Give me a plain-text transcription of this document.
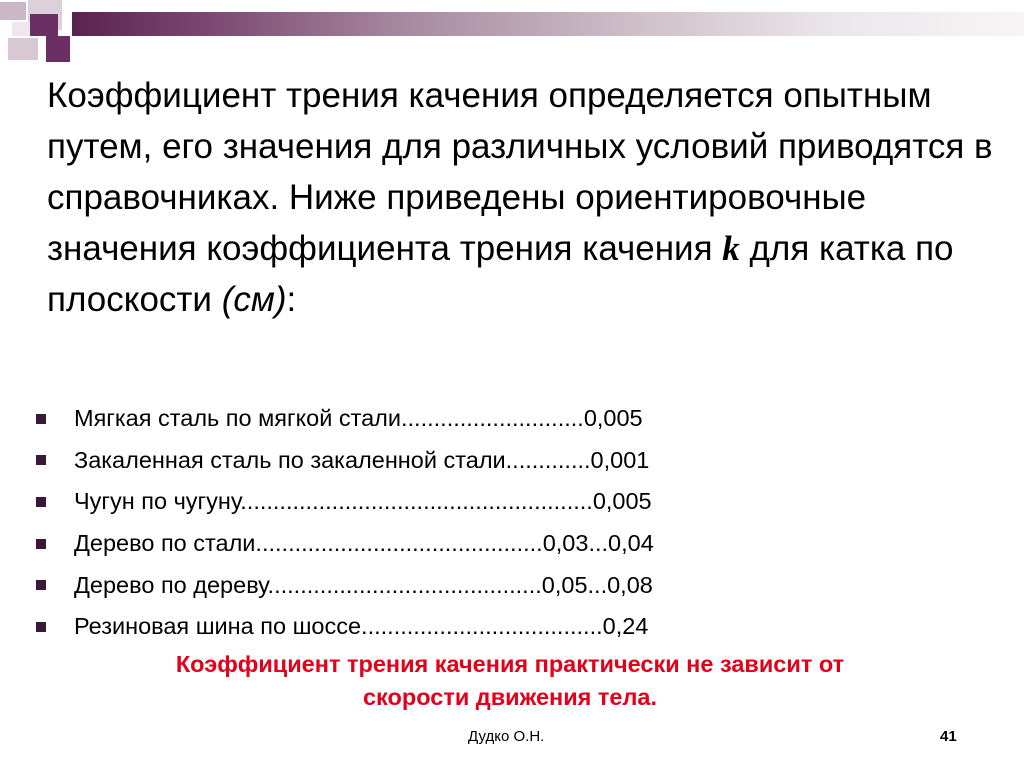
Коэффициент трения качения определяется опытным путем, его значения для различных условий приводятся в справочниках. Ниже приведены ориентировочные значения коэффициента трения качения k для катка по плоскости (см):

Мягкая сталь по мягкой стали............................0,005
Закаленная сталь по закаленной стали.............0,001
Чугун по чугуну......................................................0,005
Дерево по стали............................................0,03...0,04
Дерево по дереву..........................................0,05...0,08
Резиновая шина по шоссе.....................................0,24
Коэффициент трения качения практически не зависит от
скорости движения тела.
Дудко О.Н.	41
